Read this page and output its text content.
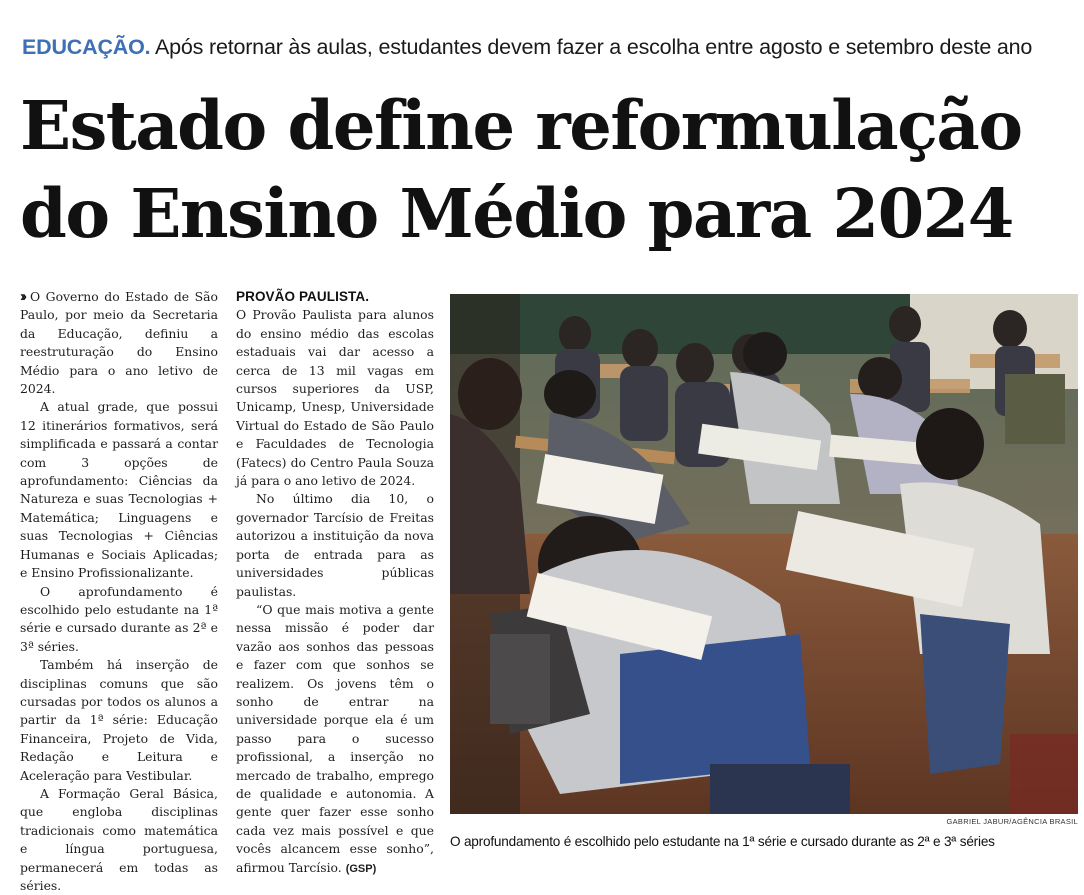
EDUCAÇÃO. Após retornar às aulas, estudantes devem fazer a escolha entre agosto e setembro deste ano
Estado define reformulação
do Ensino Médio para 2024

›› O Governo do Estado de São Paulo, por meio da Secretaria da Educação, definiu a reestruturação do Ensino Médio para o ano letivo de 2024.

A atual grade, que possui 12 itinerários formativos, será simplificada e passará a contar com 3 opções de aprofundamento: Ciências da Natureza e suas Tecnologias + Matemática; Linguagens e suas Tecnologias + Ciências Humanas e Sociais Aplicadas; e Ensino Profissionalizante.

O aprofundamento é escolhido pelo estudante na 1ª série e cursado durante as 2ª e 3ª séries.

Também há inserção de disciplinas comuns que são cursadas por todos os alunos a partir da 1ª série: Educação Financeira, Projeto de Vida, Redação e Leitura e Aceleração para Vestibular.

A Formação Geral Básica, que engloba disciplinas tradicionais como matemática e língua portuguesa, permanecerá em todas as séries.

PROVÃO PAULISTA.

O Provão Paulista para alunos do ensino médio das escolas estaduais vai dar acesso a cerca de 13 mil vagas em cursos superiores da USP, Unicamp, Unesp, Universidade Virtual do Estado de São Paulo e Faculdades de Tecnologia (Fatecs) do Centro Paula Souza já para o ano letivo de 2024.

No último dia 10, o governador Tarcísio de Freitas autorizou a instituição da nova porta de entrada para as universidades públicas paulistas.

“O que mais motiva a gente nessa missão é poder dar vazão aos sonhos das pessoas e fazer com que sonhos se realizem. Os jovens têm o sonho de entrar na universidade porque ela é um passo para o sucesso profissional, a inserção no mercado de trabalho, emprego de qualidade e autonomia. A gente quer fazer esse sonho cada vez mais possível e que vocês alcancem esse sonho”, afirmou Tarcísio. (GSP)

GABRIEL JABUR/AGÊNCIA BRASIL
O aprofundamento é escolhido pelo estudante na 1ª série e cursado durante as 2ª e 3ª séries
